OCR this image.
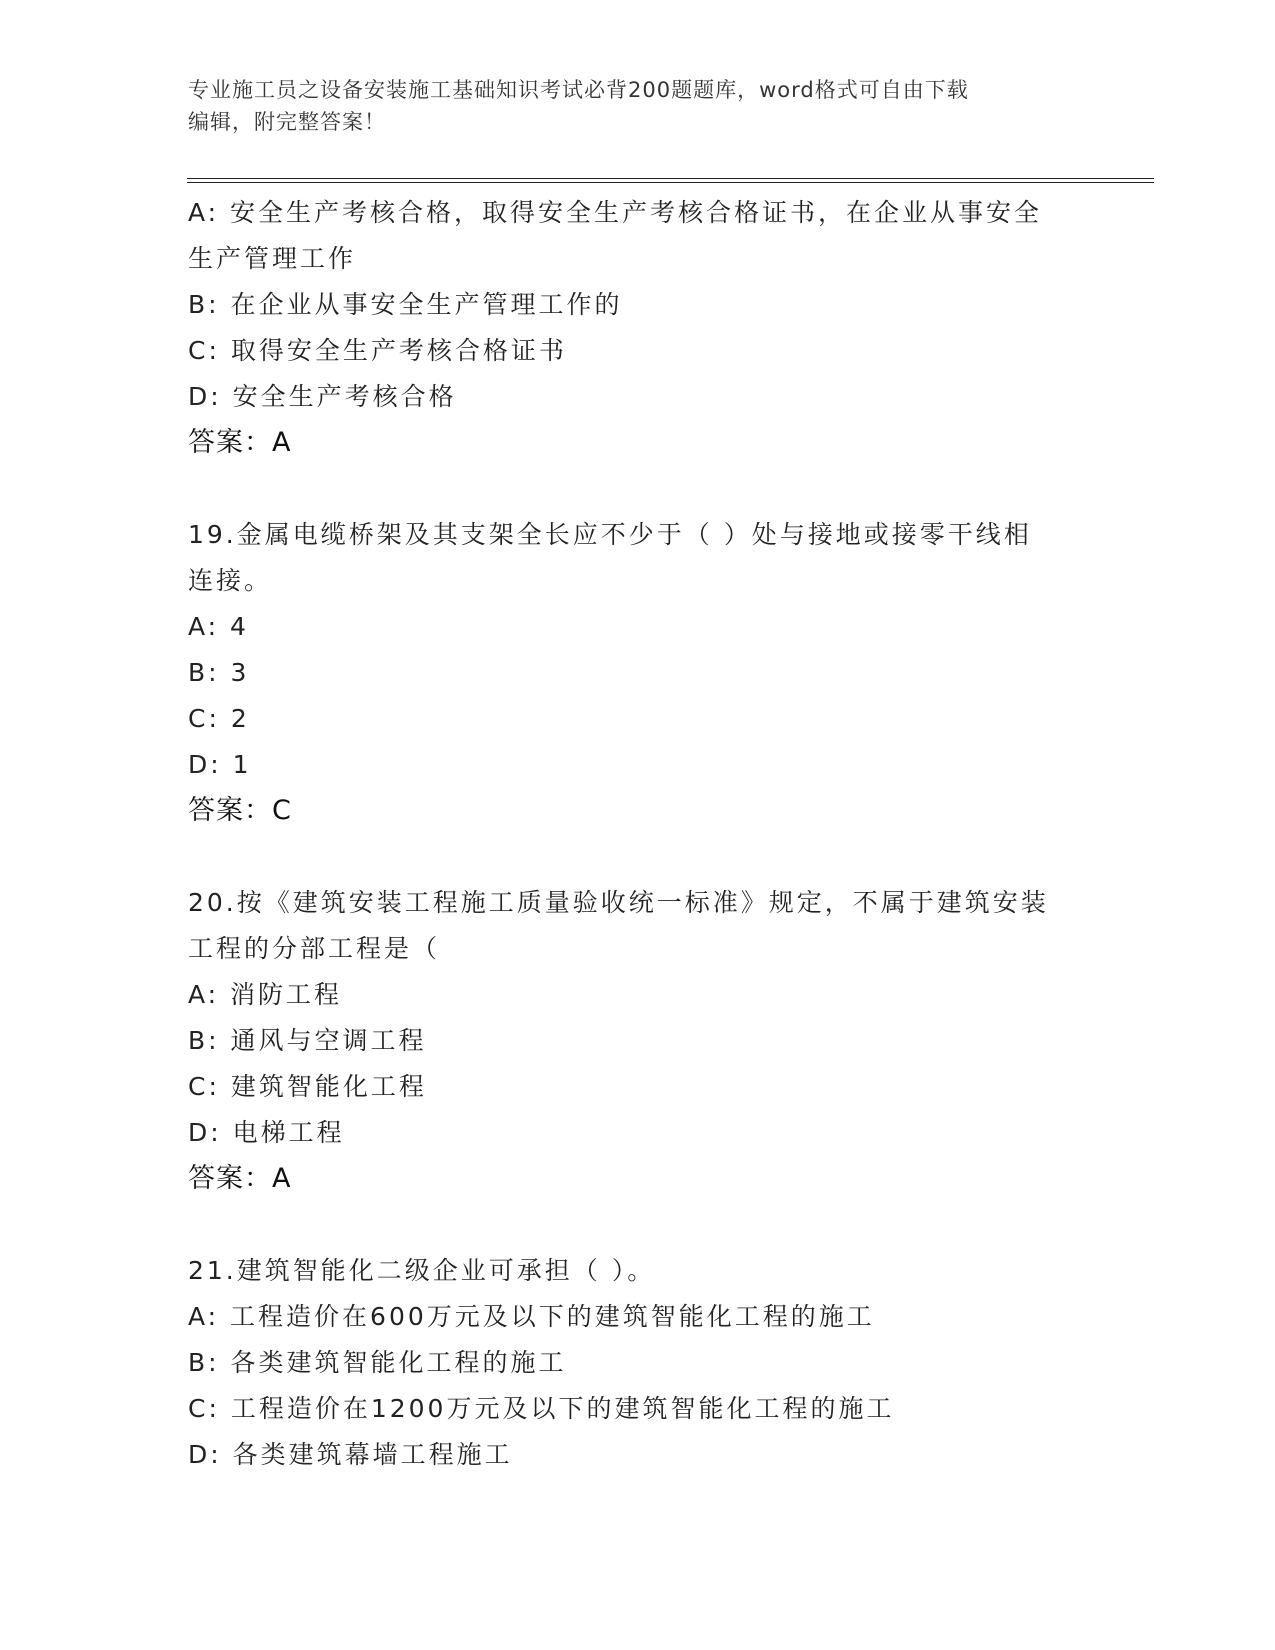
专业施工员之设备安装施工基础知识考试必背200题题库，word格式可自由下载
编辑，附完整答案！
A: 安全生产考核合格，取得安全生产考核合格证书，在企业从事安全
生产管理工作
B: 在企业从事安全生产管理工作的
C: 取得安全生产考核合格证书
D: 安全生产考核合格
答案：A
19.金属电缆桥架及其支架全长应不少于（ ）处与接地或接零干线相
连接。
A: 4
B: 3
C: 2
D: 1
答案：C
20.按《建筑安装工程施工质量验收统一标准》规定，不属于建筑安装
工程的分部工程是（
A: 消防工程
B: 通风与空调工程
C: 建筑智能化工程
D: 电梯工程
答案：A
21.建筑智能化二级企业可承担（ ）。
A: 工程造价在600万元及以下的建筑智能化工程的施工
B: 各类建筑智能化工程的施工
C: 工程造价在1200万元及以下的建筑智能化工程的施工
D: 各类建筑幕墙工程施工
